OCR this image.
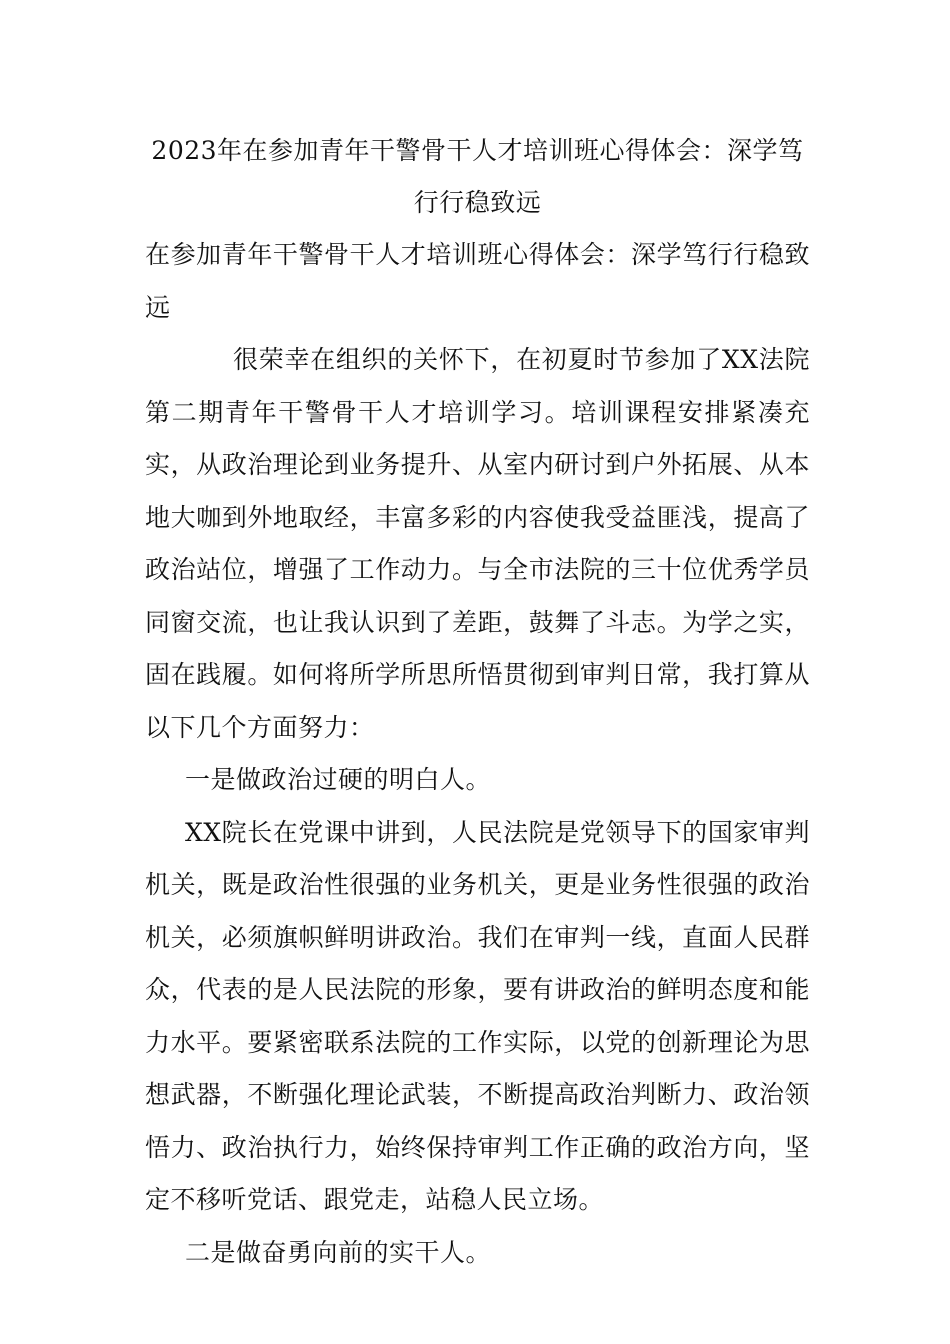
2023年在参加青年干警骨干人才培训班心得体会：深学笃行行稳致远

在参加青年干警骨干人才培训班心得体会：深学笃行行稳致远

很荣幸在组织的关怀下，在初夏时节参加了XX法院第二期青年干警骨干人才培训学习。培训课程安排紧凑充实，从政治理论到业务提升、从室内研讨到户外拓展、从本地大咖到外地取经，丰富多彩的内容使我受益匪浅，提高了政治站位，增强了工作动力。与全市法院的三十位优秀学员同窗交流，也让我认识到了差距，鼓舞了斗志。为学之实，固在践履。如何将所学所思所悟贯彻到审判日常，我打算从以下几个方面努力：

一是做政治过硬的明白人。

XX院长在党课中讲到，人民法院是党领导下的国家审判机关，既是政治性很强的业务机关，更是业务性很强的政治机关，必须旗帜鲜明讲政治。我们在审判一线，直面人民群众，代表的是人民法院的形象，要有讲政治的鲜明态度和能力水平。要紧密联系法院的工作实际，以党的创新理论为思想武器，不断强化理论武装，不断提高政治判断力、政治领悟力、政治执行力，始终保持审判工作正确的政治方向，坚定不移听党话、跟党走，站稳人民立场。

二是做奋勇向前的实干人。
